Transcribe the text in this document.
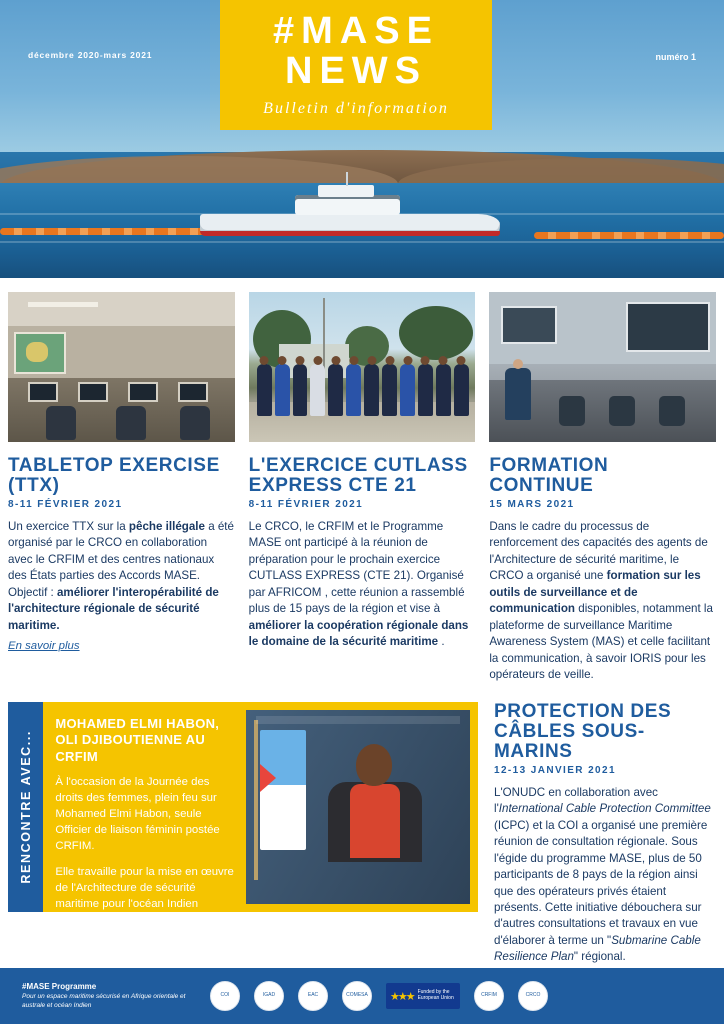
décembre 2020-mars 2021	numéro 1
#MASE
NEWS
Bulletin d'information
TABLETOP EXERCISE (TTX)
8-11 FÉVRIER 2021
Un exercice TTX sur la pêche illégale a été organisé par le CRCO en collaboration avec le CRFIM et des centres nationaux des États parties des Accords MASE. Objectif : améliorer l'interopérabilité de l'architecture régionale de sécurité maritime.
En savoir plus
L'EXERCICE CUTLASS EXPRESS CTE 21
8-11 FÉVRIER 2021
Le CRCO, le CRFIM et le Programme MASE ont participé à la réunion de préparation pour le prochain exercice CUTLASS EXPRESS (CTE 21). Organisé par AFRICOM , cette réunion a rassemblé plus de 15 pays de la région et vise à améliorer la coopération régionale dans le domaine de la sécurité maritime .
FORMATION CONTINUE
15 MARS 2021
Dans le cadre du processus de renforcement des capacités des agents de l'Architecture de sécurité maritime, le CRCO a organisé une formation sur les outils de surveillance et de communication disponibles, notamment la plateforme de surveillance Maritime Awareness System (MAS) et celle facilitant la communication, à savoir IORIS pour les opérateurs de veille.
RENCONTRE AVEC...
MOHAMED ELMI HABON, OLI DJIBOUTIENNE AU CRFIM
À l'occasion de la Journée des droits des femmes, plein feu sur Mohamed Elmi Habon, seule Officier de liaison féminin postée CRFIM.
Elle travaille pour la mise en œuvre de l'Architecture de sécurité maritime pour l'océan Indien occidental.
En savoir plus
PROTECTION DES CÂBLES SOUS-MARINS
12-13 JANVIER 2021
L'ONUDC en collaboration avec l'International Cable Protection Committee (ICPC) et la COI a organisé une première réunion de consultation régionale. Sous l'égide du programme MASE, plus de 50 participants de 8 pays de la région ainsi que des opérateurs privés étaient présents. Cette initiative débouchera sur d'autres consultations et travaux en vue d'élaborer à terme un "Submarine Cable Resilience Plan" régional.
#MASE Programme
Pour un espace maritime sécurisé en Afrique orientale et australe et océan Indien
COI	IGAD	EAC	COMESA	★★★ Funded by the European Union	CRFIM	CRCO
